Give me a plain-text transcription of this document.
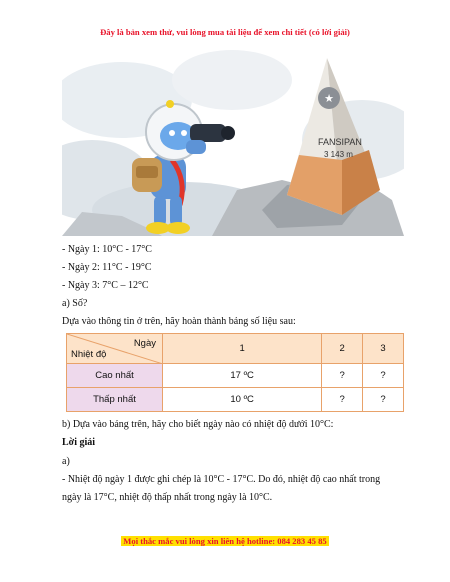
Đây là bản xem thử, vui lòng mua tài liệu để xem chi tiết (có lời giải)
★
FANSIPAN
3 143 m
- Ngày 1: 10°C - 17°C
- Ngày 2: 11°C - 19°C
- Ngày 3: 7°C – 12°C
a) Số?
Dựa vào thông tin ở trên, hãy hoàn thành bảng số liệu sau:
Ngày
Nhiệt độ	1	2	3
Cao nhất	17 ºC	?	?
Thấp nhất	10 ºC	?	?
b) Dựa vào bảng trên, hãy cho biết ngày nào có nhiệt độ dưới 10°C:
Lời giải
a)
- Nhiệt độ ngày 1 được ghi chép là 10°C - 17°C. Do đó, nhiệt độ cao nhất trong
ngày là 17°C, nhiệt độ thấp nhất trong ngày là 10°C.
Mọi thắc mắc vui lòng xin liên hệ hotline: 084 283 45 85
